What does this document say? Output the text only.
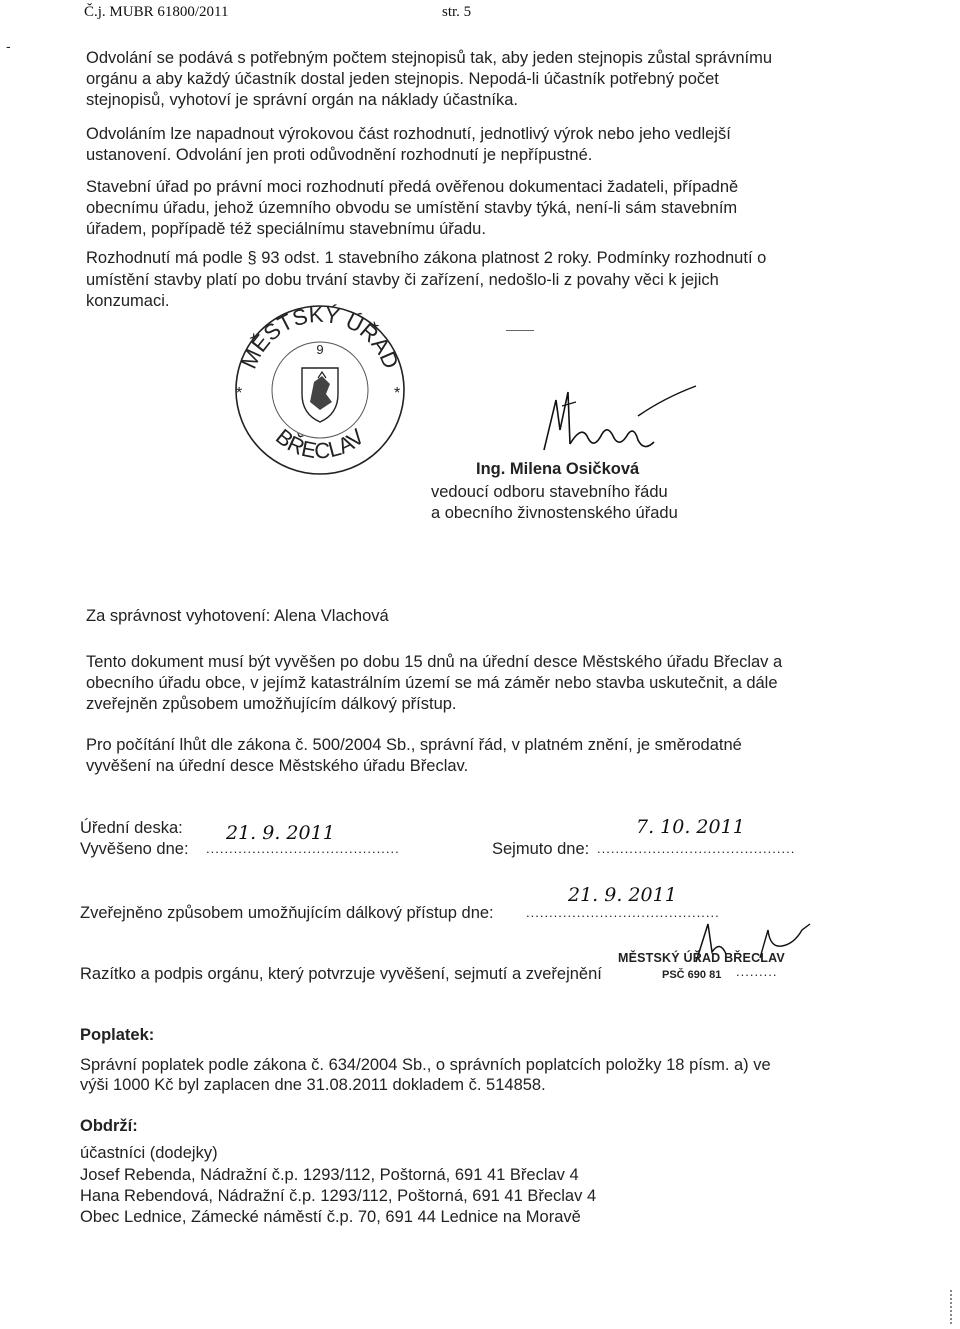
Č.j. MUBR 61800/2011	str. 5
-
Odvolání se podává s potřebným počtem stejnopisů tak, aby jeden stejnopis zůstal správnímu
orgánu a aby každý účastník dostal jeden stejnopis. Nepodá-li účastník potřebný počet
stejnopisů, vyhotoví je správní orgán na náklady účastníka.
Odvoláním lze napadnout výrokovou část rozhodnutí, jednotlivý výrok nebo jeho vedlejší
ustanovení. Odvolání jen proti odůvodnění rozhodnutí je nepřípustné.
Stavební úřad po právní moci rozhodnutí předá ověřenou dokumentaci žadateli, případně
obecnímu úřadu, jehož územního obvodu se umístění stavby týká, není-li sám stavebním
úřadem, popřípadě též speciálnímu stavebnímu úřadu.
Rozhodnutí má podle § 93 odst. 1 stavebního zákona platnost 2 roky. Podmínky rozhodnutí o
umístění stavby platí po dobu trvání stavby či zařízení, nedošlo-li z povahy věci k jejich
konzumaci.
MĚSTSKÝ ÚŘAD
BŘECLAV
*	*
9
Ing. Milena Osičková
vedoucí odboru stavebního řádu
a obecního živnostenského úřadu
Za správnost vyhotovení: Alena Vlachová
Tento dokument musí být vyvěšen po dobu 15 dnů na úřední desce Městského úřadu Břeclav a
obecního úřadu obce, v jejímž katastrálním území se má záměr nebo stavba uskutečnit, a dále
zveřejněn způsobem umožňujícím dálkový přístup.
Pro počítání lhůt dle zákona č. 500/2004 Sb., správní řád, v platném znění, je směrodatné
vyvěšení na úřední desce Městského úřadu Břeclav.
Úřední deska:
Vyvěšeno dne: ..........................................
21. 9. 2011
Sejmuto dne: ...........................................
7. 10. 2011
Zveřejněno způsobem umožňujícím dálkový přístup dne: ..........................................
21. 9. 2011
MĚSTSKÝ ÚŘAD BŘECLAV
Razítko a podpis orgánu, který potvrzuje vyvěšení, sejmutí a zveřejnění	PSČ 690 81 .........
Poplatek:
Správní poplatek podle zákona č. 634/2004 Sb., o správních poplatcích položky 18 písm. a) ve
výši 1000 Kč byl zaplacen dne 31.08.2011 dokladem č. 514858.
Obdrží:
účastníci (dodejky)
Josef Rebenda, Nádražní č.p. 1293/112, Poštorná, 691 41 Břeclav 4
Hana Rebendová, Nádražní č.p. 1293/112, Poštorná, 691 41 Břeclav 4
Obec Lednice, Zámecké náměstí č.p. 70, 691 44 Lednice na Moravě
